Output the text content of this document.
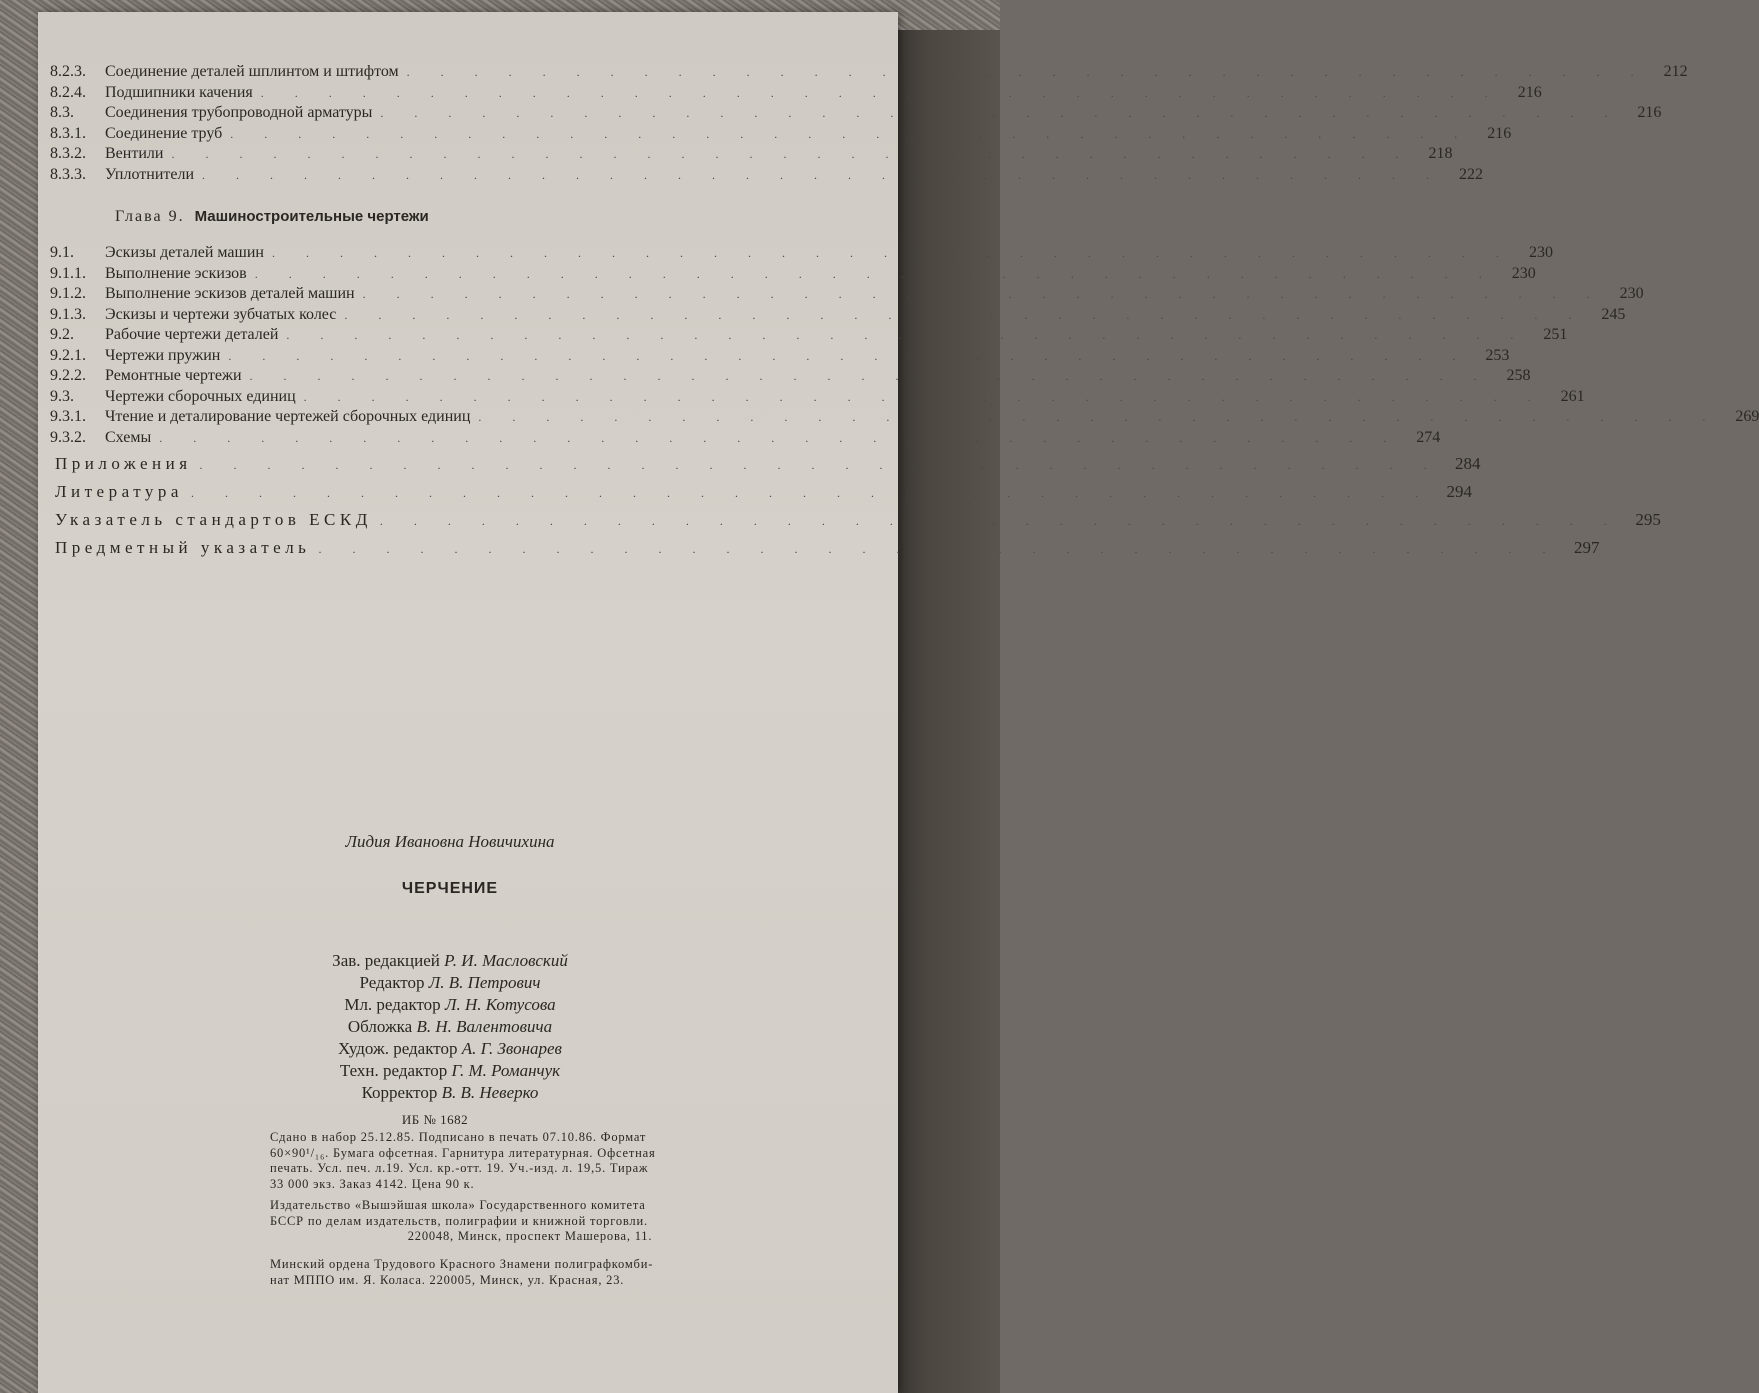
8.2.3.	Соединение деталей шплинтом и штифтом . . . . . . . . . . . . . . . . . . . . . . . . . . . . . . . . . . . . .	212
8.2.4.	Подшипники качения . . . . . . . . . . . . . . . . . . . . . . . . . . . . . . . . . . . . .	216
8.3.	Соединения трубопроводной арматуры . . . . . . . . . . . . . . . . . . . . . . . . . . . . . . . . . . . . .	216
8.3.1.	Соединение труб . . . . . . . . . . . . . . . . . . . . . . . . . . . . . . . . . . . . .	216
8.3.2.	Вентили . . . . . . . . . . . . . . . . . . . . . . . . . . . . . . . . . . . . .	218
8.3.3.	Уплотнители . . . . . . . . . . . . . . . . . . . . . . . . . . . . . . . . . . . . .	222
Глава 9. Машиностроительные чертежи
9.1.	Эскизы деталей машин . . . . . . . . . . . . . . . . . . . . . . . . . . . . . . . . . . . . .	230
9.1.1.	Выполнение эскизов . . . . . . . . . . . . . . . . . . . . . . . . . . . . . . . . . . . . .	230
9.1.2.	Выполнение эскизов деталей машин . . . . . . . . . . . . . . . . . . . . . . . . . . . . . . . . . . . . .	230
9.1.3.	Эскизы и чертежи зубчатых колес . . . . . . . . . . . . . . . . . . . . . . . . . . . . . . . . . . . . .	245
9.2.	Рабочие чертежи деталей . . . . . . . . . . . . . . . . . . . . . . . . . . . . . . . . . . . . .	251
9.2.1.	Чертежи пружин . . . . . . . . . . . . . . . . . . . . . . . . . . . . . . . . . . . . .	253
9.2.2.	Ремонтные чертежи . . . . . . . . . . . . . . . . . . . . . . . . . . . . . . . . . . . . .	258
9.3.	Чертежи сборочных единиц . . . . . . . . . . . . . . . . . . . . . . . . . . . . . . . . . . . . .	261
9.3.1.	Чтение и деталирование чертежей сборочных единиц . . . . . . . . . . . . . . . . . . . . . . . . . . . . . . . . . . . . .	269
9.3.2.	Схемы . . . . . . . . . . . . . . . . . . . . . . . . . . . . . . . . . . . . .	274
Приложения . . . . . . . . . . . . . . . . . . . . . . . . . . . . . . . . . . . . . 284
Литература . . . . . . . . . . . . . . . . . . . . . . . . . . . . . . . . . . . . . 294
Указатель стандартов ЕСКД . . . . . . . . . . . . . . . . . . . . . . . . . . . . . . . . . . . . . 295
Предметный указатель . . . . . . . . . . . . . . . . . . . . . . . . . . . . . . . . . . . . . 297
Лидия Ивановна Новичихина
ЧЕРЧЕНИЕ
Зав. редакцией Р. И. Масловский
Редактор Л. В. Петрович
Мл. редактор Л. Н. Котусова
Обложка В. Н. Валентовича
Худож. редактор А. Г. Звонарев
Техн. редактор Г. М. Романчук
Корректор В. В. Неверко
ИБ № 1682

Сдано в набор 25.12.85. Подписано в печать 07.10.86. Формат

60×90¹/₁₆. Бумага офсетная. Гарнитура литературная. Офсетная

печать. Усл. печ. л.19. Усл. кр.-отт. 19. Уч.-изд. л. 19,5. Тираж

33 000 экз. Заказ 4142. Цена 90 к.

Издательство «Вышэйшая школа» Государственного комитета

БССР по делам издательств, полиграфии и книжной торговли.

220048, Минск, проспект Машерова, 11.

Минский ордена Трудового Красного Знамени полиграфкомби-

нат МППО им. Я. Коласа. 220005, Минск, ул. Красная, 23.
